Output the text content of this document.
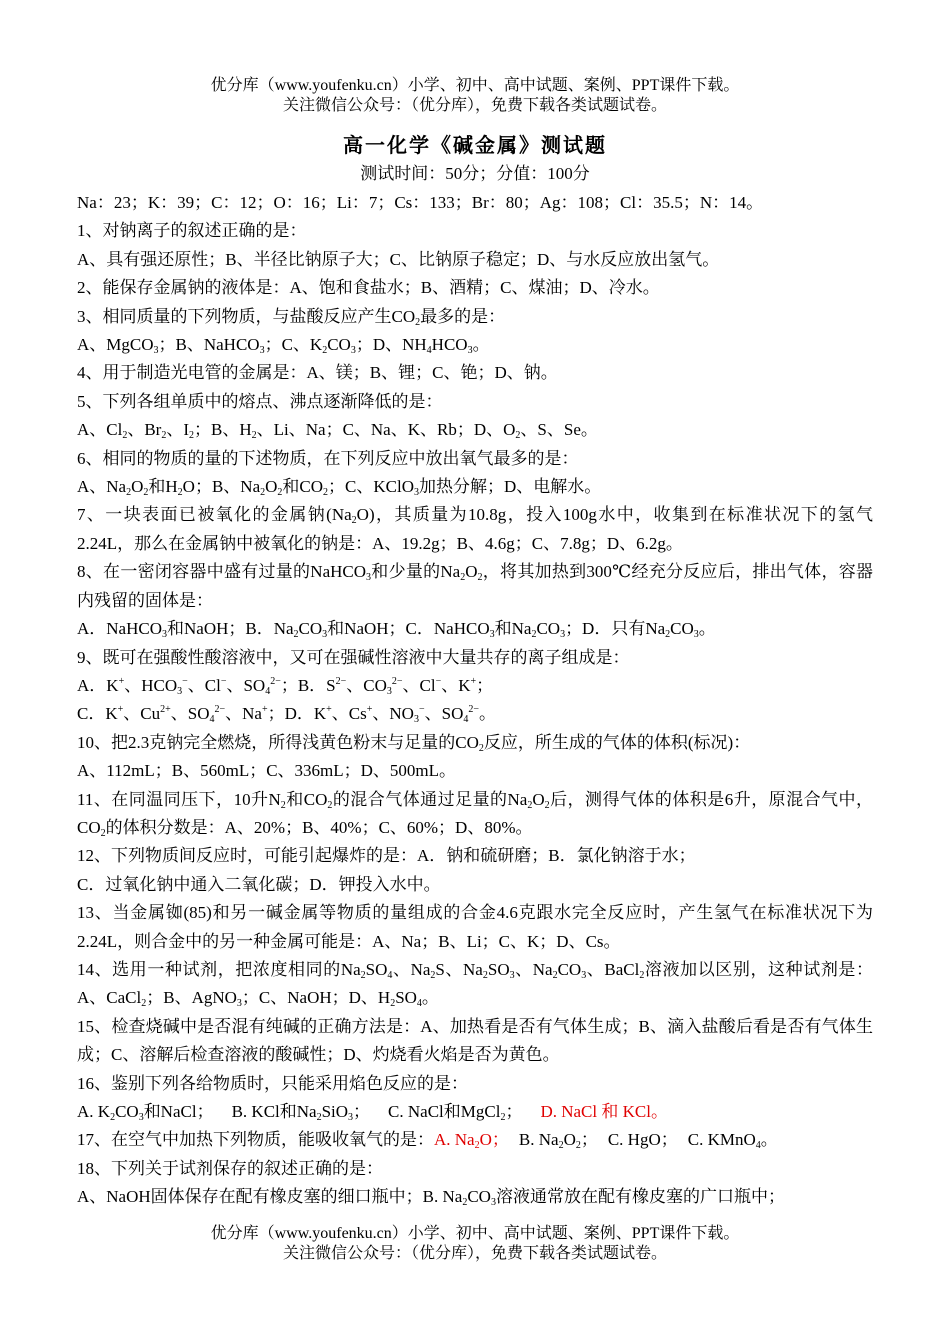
优分库（www.youfenku.cn）小学、初中、高中试题、案例、PPT课件下载。
关注微信公众号：（优分库），免费下载各类试题试卷。
高一化学《碱金属》测试题
测试时间：50分；分值：100分

Na：23；K：39；C：12；O：16；Li：7；Cs：133；Br：80；Ag：108；Cl：35.5；N：14。

1、对钠离子的叙述正确的是：

A、具有强还原性；B、半径比钠原子大；C、比钠原子稳定；D、与水反应放出氢气。

2、能保存金属钠的液体是：A、饱和食盐水；B、酒精；C、煤油；D、冷水。

3、相同质量的下列物质，与盐酸反应产生$CO_2$最多的是：

A、MgCO$_3$；B、NaHCO$_3$；C、$K_2CO_3$；D、$NH_4HCO_3$。

4、用于制造光电管的金属是：A、镁；B、锂；C、铯；D、钠。

5、下列各组单质中的熔点、沸点逐渐降低的是：

A、$Cl_2$、$Br_2$、$I_2$；B、$H_2$、Li、Na；C、Na、K、Rb；D、$O_2$、S、Se。

6、相同的物质的量的下述物质，在下列反应中放出氧气最多的是：

A、$Na_2O_2$和$H_2O$；B、$Na_2O_2$和$CO_2$；C、KClO$_3$加热分解；D、电解水。

7、一块表面已被氧化的金属钠$(Na_2O)$，其质量为10.8g，投入100g水中，收集到在标准状况下的氢气2.24L，那么在金属钠中被氧化的钠是：A、19.2g；B、4.6g；C、7.8g；D、6.2g。

8、在一密闭容器中盛有过量的NaHCO$_3$和少量的$Na_2O_2$，将其加热到300℃经充分反应后，排出气体，容器内残留的固体是：

A．NaHCO$_3$和NaOH；B．$Na_2CO_3$和NaOH；C．NaHCO$_3$和$Na_2CO_3$；D．只有$Na_2CO_3$。

9、既可在强酸性酸溶液中，又可在强碱性溶液中大量共存的离子组成是：

A．K+、$HCO_3^-$、Cl−、$SO_4^{2-}$；B．$S^{2-}$、$CO_3^{2-}$、Cl−、K+；

C．K+、$Cu^{2+}$、$SO_4^{2-}$、Na+；D．K+、Cs+、$NO_3^-$、$SO_4^{2-}$。

10、把2.3克钠完全燃烧，所得浅黄色粉末与足量的$CO_2$反应，所生成的气体的体积(标况)：

A、112mL；B、560mL；C、336mL；D、500mL。

11、在同温同压下，10升$N_2$和$CO_2$的混合气体通过足量的$Na_2O_2$后，测得气体的体积是6升，原混合气中，$CO_2$的体积分数是：A、20%；B、40%；C、60%；D、80%。

12、下列物质间反应时，可能引起爆炸的是：A．钠和硫研磨；B．氯化钠溶于水；

C．过氧化钠中通入二氧化碳；D．钾投入水中。

13、当金属铷(85)和另一碱金属等物质的量组成的合金4.6克跟水完全反应时，产生氢气在标准状况下为2.24L，则合金中的另一种金属可能是：A、Na；B、Li；C、K；D、Cs。

14、选用一种试剂，把浓度相同的$Na_2SO_4$、$Na_2S$、$Na_2SO_3$、$Na_2CO_3$、BaCl$_2$溶液加以区别，这种试剂是：A、CaCl$_2$；B、AgNO$_3$；C、NaOH；D、$H_2SO_4$。

15、检查烧碱中是否混有纯碱的正确方法是：A、加热看是否有气体生成；B、滴入盐酸后看是否有气体生成；C、溶解后检查溶液的酸碱性；D、灼烧看火焰是否为黄色。

16、鉴别下列各给物质时，只能采用焰色反应的是：

A. $K_2CO_3$和NaCl； B. KCl和$Na_2SiO_3$； C. NaCl和MgCl$_2$； D. NaCl 和 KCl。

17、在空气中加热下列物质，能吸收氧气的是：A. $Na_2O$； B. $Na_2O_2$； C. HgO； C. KMnO$_4$。

18、下列关于试剂保存的叙述正确的是：

A、NaOH固体保存在配有橡皮塞的细口瓶中；B. $Na_2CO_3$溶液通常放在配有橡皮塞的广口瓶中；

优分库（www.youfenku.cn）小学、初中、高中试题、案例、PPT课件下载。
关注微信公众号：（优分库），免费下载各类试题试卷。
